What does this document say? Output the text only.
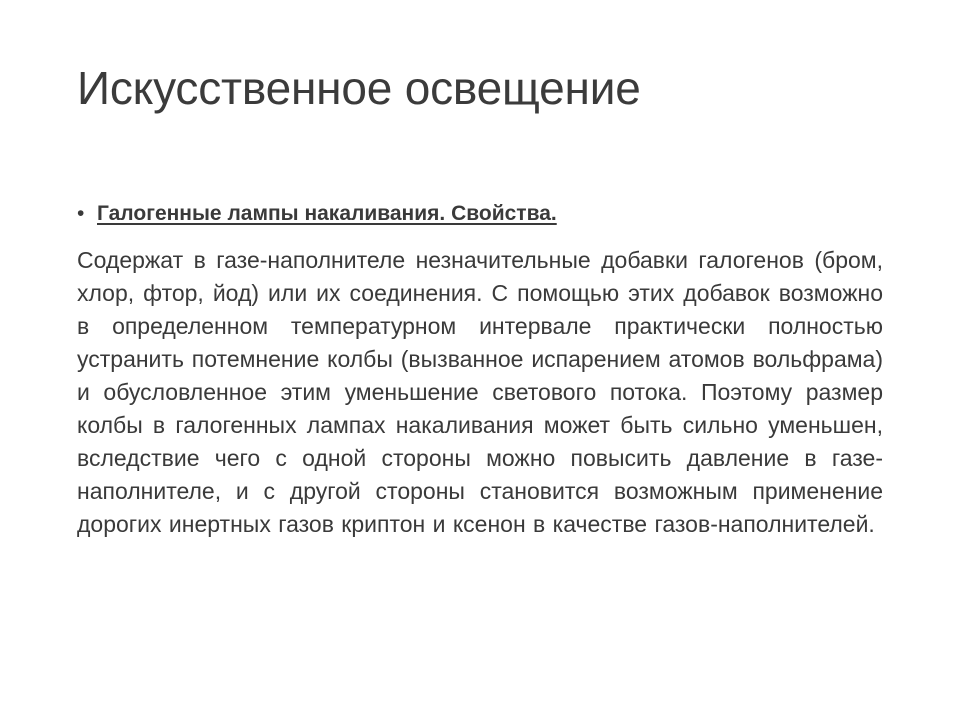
Искусственное освещение
• Галогенные лампы накаливания. Свойства.

Содержат в газе-наполнителе незначительные добавки галогенов (бром, хлор, фтор, йод) или их соединения. С помощью этих добавок возможно в определенном температурном интервале практически полностью устранить потемнение колбы (вызванное испарением атомов вольфрама) и обусловленное этим уменьшение светового потока. Поэтому размер колбы в галогенных лампах накаливания может быть сильно уменьшен, вследствие чего с одной стороны можно повысить давление в газе-наполнителе, и с другой стороны становится возможным применение дорогих инертных газов криптон и ксенон в качестве газов-наполнителей.
